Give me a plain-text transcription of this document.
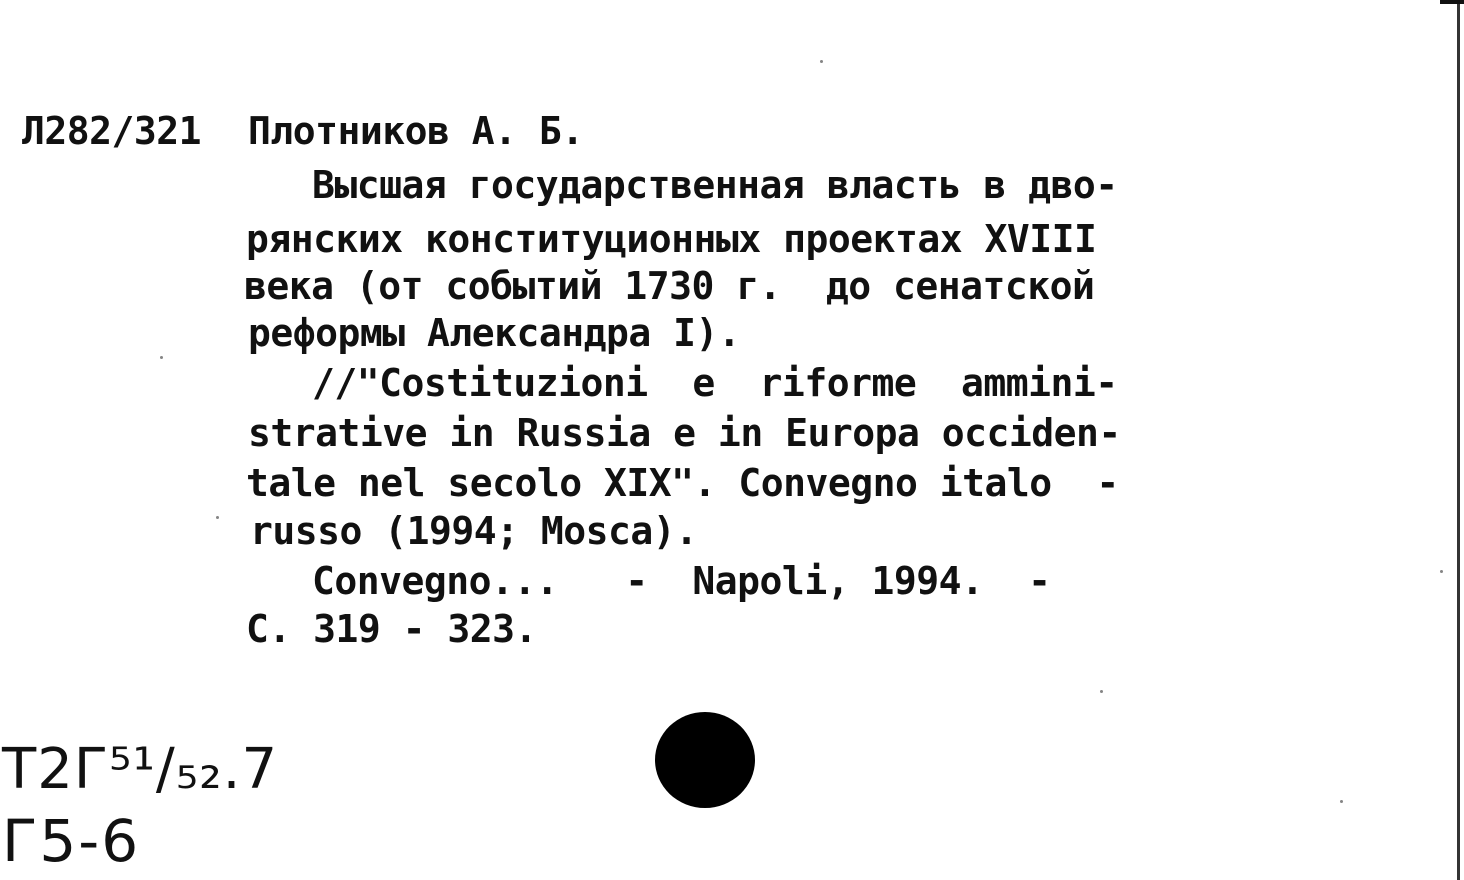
Л282/321 Плотников А. Б.
Высшая государственная власть в дво-
рянских конституционных проектах XVIII
века (от событий 1730 г.  до сенатской
реформы Александра I).
//"Costituzioni  e  riforme  ammini-
strative in Russia e in Europa occiden-
tale nel secolo XIX". Convegno italo  -
russo (1994; Mosca).
Convegno...   -  Napoli, 1994.  -
С. 319 - 323.
Т2Г⁵¹/₅₂.7
Г5-6
